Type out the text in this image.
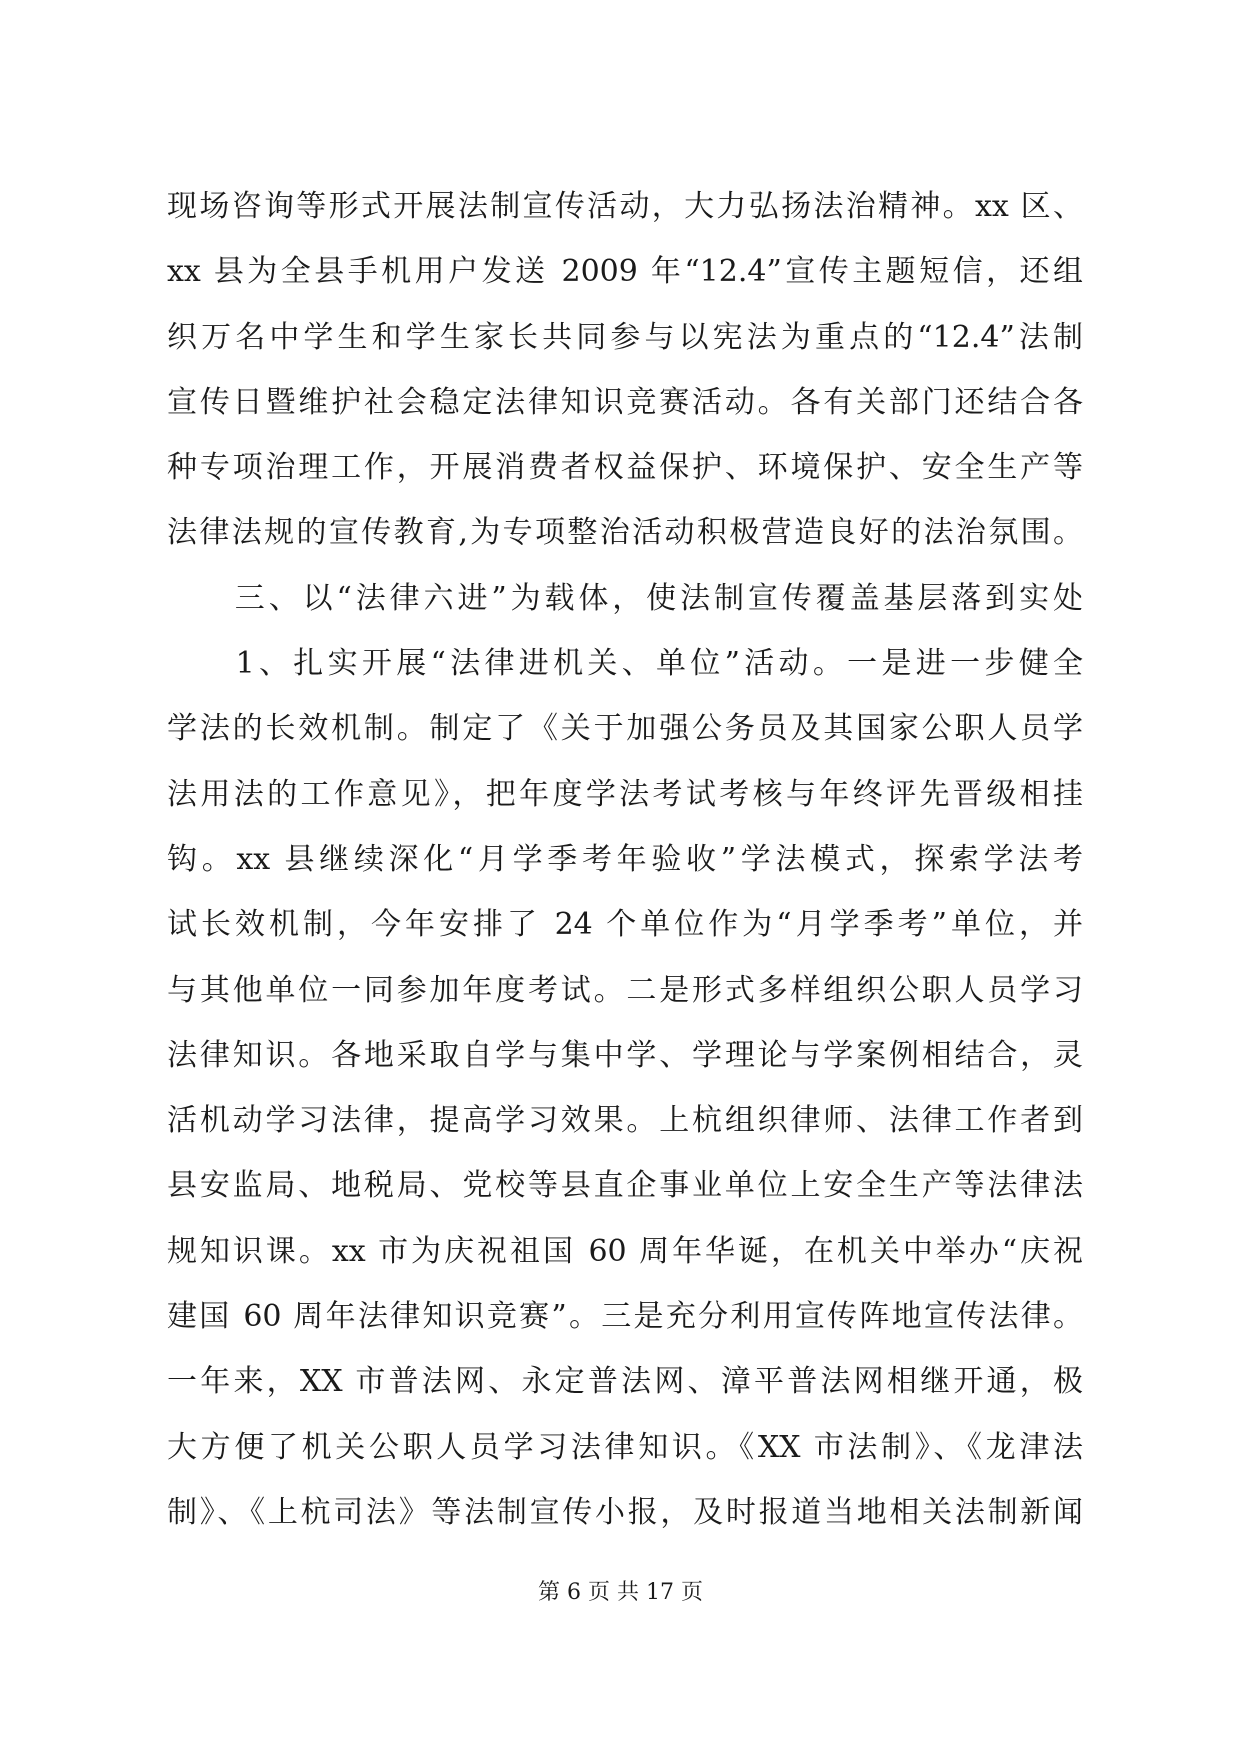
现场咨询等形式开展法制宣传活动，大力弘扬法治精神。xx 区、
xx 县为全县手机用户发送 2009 年“12.4”宣传主题短信，还组
织万名中学生和学生家长共同参与以宪法为重点的“12.4”法制
宣传日暨维护社会稳定法律知识竞赛活动。各有关部门还结合各
种专项治理工作，开展消费者权益保护、环境保护、安全生产等
法律法规的宣传教育,为专项整治活动积极营造良好的法治氛围。
　　三、以“法律六进”为载体，使法制宣传覆盖基层落到实处
　　1、扎实开展“法律进机关、单位”活动。一是进一步健全
学法的长效机制。制定了《关于加强公务员及其国家公职人员学
法用法的工作意见》，把年度学法考试考核与年终评先晋级相挂
钩。xx 县继续深化“月学季考年验收”学法模式，探索学法考
试长效机制，今年安排了 24 个单位作为“月学季考”单位，并
与其他单位一同参加年度考试。二是形式多样组织公职人员学习
法律知识。各地采取自学与集中学、学理论与学案例相结合，灵
活机动学习法律，提高学习效果。上杭组织律师、法律工作者到
县安监局、地税局、党校等县直企事业单位上安全生产等法律法
规知识课。xx 市为庆祝祖国 60 周年华诞，在机关中举办“庆祝
建国 60 周年法律知识竞赛”。三是充分利用宣传阵地宣传法律。
一年来，XX 市普法网、永定普法网、漳平普法网相继开通，极
大方便了机关公职人员学习法律知识。《XX 市法制》、《龙津法
制》、《上杭司法》等法制宣传小报，及时报道当地相关法制新闻
第 6 页 共 17 页
